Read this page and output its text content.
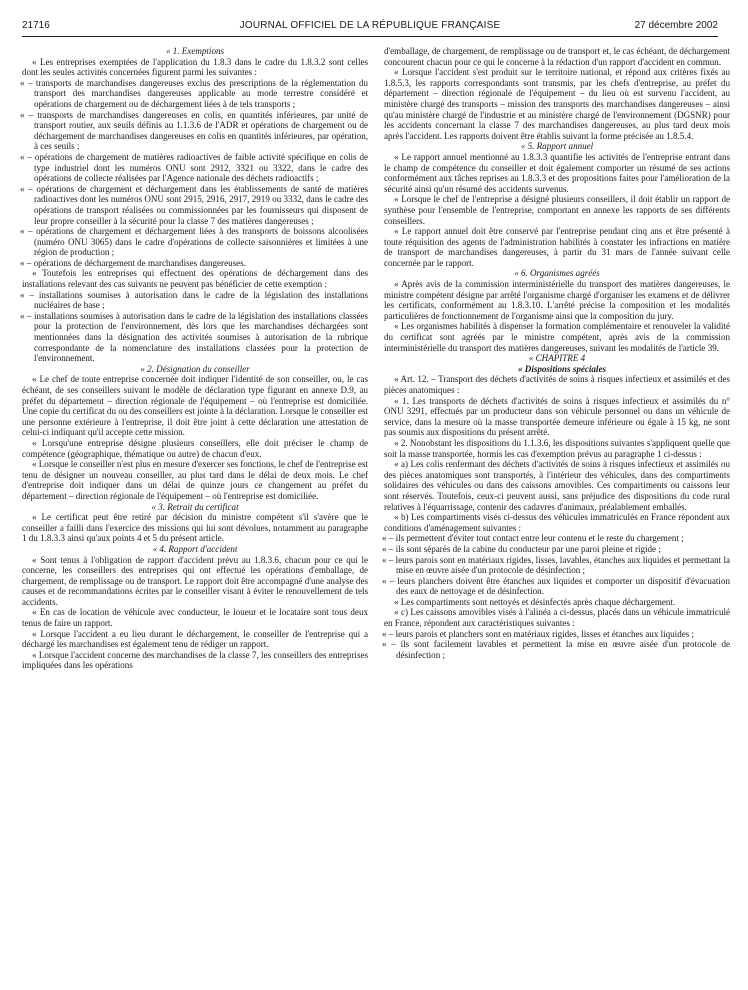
21716	JOURNAL OFFICIEL DE LA RÉPUBLIQUE FRANÇAISE	27 décembre 2002

« 1. Exemptions

« Les entreprises exemptées de l'application du 1.8.3 dans le cadre du 1.8.3.2 sont celles dont les seules activités concernées figurent parmi les suivantes :

« – transports de marchandises dangereuses exclus des prescriptions de la réglementation du transport des marchandises dangereuses applicable au mode terrestre considéré et opérations de chargement ou de déchargement liées à de tels transports ;

« – transports de marchandises dangereuses en colis, en quantités inférieures, par unité de transport routier, aux seuils définis au 1.1.3.6 de l'ADR et opérations de chargement ou de déchargement de marchandises dangereuses en colis en quantités inférieures, par opération, à ces seuils ;

« – opérations de chargement de matières radioactives de faible activité spécifique en colis de type industriel dont les numéros ONU sont 2912, 3321 ou 3322, dans le cadre des opérations de collecte réalisées par l'Agence nationale des déchets radioactifs ;

« – opérations de chargement et déchargement dans les établissements de santé de matières radioactives dont les numéros ONU sont 2915, 2916, 2917, 2919 ou 3332, dans le cadre des opérations de transport réalisées ou commissionnées par les fournisseurs qui disposent de leur propre conseiller à la sécurité pour la classe 7 des matières dangereuses ;

« – opérations de chargement et déchargement liées à des transports de boissons alcoolisées (numéro ONU 3065) dans le cadre d'opérations de collecte saisonnières et limitées à une région de production ;

« – opérations de déchargement de marchandises dangereuses.

« Toutefois les entreprises qui effectuent des opérations de déchargement dans des installations relevant des cas suivants ne peuvent pas bénéficier de cette exemption :

« – installations soumises à autorisation dans le cadre de la législation des installations nucléaires de base ;

« – installations soumises à autorisation dans le cadre de la législation des installations classées pour la protection de l'environnement, dès lors que les marchandises déchargées sont mentionnées dans la désignation des activités soumises à autorisation de la rubrique correspondante de la nomenclature des installations classées pour la protection de l'environnement.

« 2. Désignation du conseiller

« Le chef de toute entreprise concernée doit indiquer l'identité de son conseiller, ou, le cas échéant, de ses conseillers suivant le modèle de déclaration type figurant en annexe D.9, au préfet du département – direction régionale de l'équipement – où l'entreprise est domiciliée. Une copie du certificat du ou des conseillers est jointe à la déclaration. Lorsque le conseiller est une personne extérieure à l'entreprise, il doit être joint à cette déclaration une attestation de celui-ci indiquant qu'il accepte cette mission.

« Lorsqu'une entreprise désigne plusieurs conseillers, elle doit préciser le champ de compétence (géographique, thématique ou autre) de chacun d'eux.

« Lorsque le conseiller n'est plus en mesure d'exercer ses fonctions, le chef de l'entreprise est tenu de désigner un nouveau conseiller, au plus tard dans le délai de deux mois. Le chef d'entreprise doit indiquer dans un délai de quinze jours ce changement au préfet du département – direction régionale de l'équipement – où l'entreprise est domiciliée.

« 3. Retrait du certificat

« Le certificat peut être retiré par décision du ministre compétent s'il s'avère que le conseiller a failli dans l'exercice des missions qui lui sont dévolues, notamment au paragraphe 1 du 1.8.3.3 ainsi qu'aux points 4 et 5 du présent article.

« 4. Rapport d'accident

« Sont tenus à l'obligation de rapport d'accident prévu au 1.8.3.6, chacun pour ce qui le concerne, les conseillers des entreprises qui ont effectué les opérations d'emballage, de chargement, de remplissage ou de transport. Le rapport doit être accompagné d'une analyse des causes et de recommandations écrites par le conseiller visant à éviter le renouvellement de tels accidents.

« En cas de location de véhicule avec conducteur, le loueur et le locataire sont tous deux tenus de faire un rapport.

« Lorsque l'accident a eu lieu durant le déchargement, le conseiller de l'entreprise qui a déchargé les marchandises est également tenu de rédiger un rapport.

« Lorsque l'accident concerne des marchandises de la classe 7, les conseillers des entreprises impliquées dans les opérations

d'emballage, de chargement, de remplissage ou de transport et, le cas échéant, de déchargement concourent chacun pour ce qui le concerne à la rédaction d'un rapport d'accident en commun.

« Lorsque l'accident s'est produit sur le territoire national, et répond aux critères fixés au 1.8.5.3, les rapports correspondants sont transmis, par les chefs d'entreprise, au préfet du département – direction régionale de l'équipement – du lieu où est survenu l'accident, au ministère chargé des transports – mission des transports des marchandises dangereuses – ainsi qu'au ministère chargé de l'industrie et au ministère chargé de l'environnement (DGSNR) pour les accidents concernant la classe 7 des marchandises dangereuses, au plus tard deux mois après l'accident. Les rapports doivent être établis suivant la forme précisée au 1.8.5.4.

« 5. Rapport annuel

« Le rapport annuel mentionné au 1.8.3.3 quantifie les activités de l'entreprise entrant dans le champ de compétence du conseiller et doit également comporter un résumé de ses actions conformément aux tâches reprises au 1.8.3.3 et des propositions faites pour l'amélioration de la sécurité ainsi qu'un résumé des accidents survenus.

« Lorsque le chef de l'entreprise a désigné plusieurs conseillers, il doit établir un rapport de synthèse pour l'ensemble de l'entreprise, comportant en annexe les rapports de ses différents conseillers.

« Le rapport annuel doit être conservé par l'entreprise pendant cinq ans et être présenté à toute réquisition des agents de l'administration habilités à constater les infractions en matière de transport de marchandises dangereuses, à partir du 31 mars de l'année suivant celle concernée par le rapport.

« 6. Organismes agréés

« Après avis de la commission interministérielle du transport des matières dangereuses, le ministre compétent désigne par arrêté l'organisme chargé d'organiser les examens et de délivrer les certificats, conformément au 1.8.3.10. L'arrêté précise la composition et les modalités particulières de fonctionnement de l'organisme ainsi que la composition du jury.

« Les organismes habilités à dispenser la formation complémentaire et renouveler la validité du certificat sont agréés par le ministre compétent, après avis de la commission interministérielle du transport des matières dangereuses, suivant les modalités de l'article 39.

« CHAPITRE 4

« Dispositions spéciales

« Art. 12. – Transport des déchets d'activités de soins à risques infectieux et assimilés et des pièces anatomiques :

« 1. Les transports de déchets d'activités de soins à risques infectieux et assimilés du n° ONU 3291, effectués par un producteur dans son véhicule personnel ou dans un véhicule de service, dans la mesure où la masse transportée demeure inférieure ou égale à 15 kg, ne sont pas soumis aux dispositions du présent arrêté.

« 2. Nonobstant les dispositions du 1.1.3.6, les dispositions suivantes s'appliquent quelle que soit la masse transportée, hormis les cas d'exemption prévus au paragraphe 1 ci-dessus :

« a) Les colis renfermant des déchets d'activités de soins à risques infectieux et assimilés ou des pièces anatomiques sont transportés, à l'intérieur des véhicules, dans des compartiments solidaires des véhicules ou dans des caissons amovibles. Ces compartiments ou caissons leur sont réservés. Toutefois, ceux-ci peuvent aussi, sans préjudice des dispositions du code rural relatives à l'équarrissage, contenir des cadavres d'animaux, préalablement emballés.

« b) Les compartiments visés ci-dessus des véhicules immatriculés en France répondent aux conditions d'aménagement suivantes :

« – ils permettent d'éviter tout contact entre leur contenu et le reste du chargement ;

« – ils sont séparés de la cabine du conducteur par une paroi pleine et rigide ;

« – leurs parois sont en matériaux rigides, lisses, lavables, étanches aux liquides et permettant la mise en œuvre aisée d'un protocole de désinfection ;

« – leurs planchers doivent être étanches aux liquides et comporter un dispositif d'évacuation des eaux de nettoyage et de désinfection.

« Les compartiments sont nettoyés et désinfectés après chaque déchargement.

« c) Les caissons amovibles visés à l'alinéa a ci-dessus, placés dans un véhicule immatriculé en France, répondent aux caractéristiques suivantes :

« – leurs parois et planchers sont en matériaux rigides, lisses et étanches aux liquides ;

« – ils sont facilement lavables et permettent la mise en œuvre aisée d'un protocole de désinfection ;
